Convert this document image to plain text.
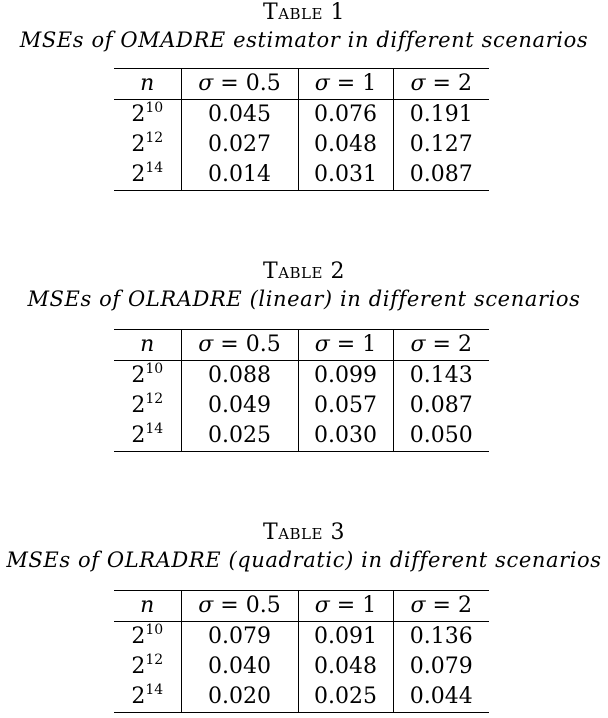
Table 1
MSEs of OMADRE estimator in different scenarios
n	σ = 0.5	σ = 1	σ = 2
$2^{10}$	0.045	0.076	0.191
$2^{12}$	0.027	0.048	0.127
$2^{14}$	0.014	0.031	0.087
Table 2
MSEs of OLRADRE (linear) in different scenarios
n	σ = 0.5	σ = 1	σ = 2
$2^{10}$	0.088	0.099	0.143
$2^{12}$	0.049	0.057	0.087
$2^{14}$	0.025	0.030	0.050
Table 3
MSEs of OLRADRE (quadratic) in different scenarios
n	σ = 0.5	σ = 1	σ = 2
$2^{10}$	0.079	0.091	0.136
$2^{12}$	0.040	0.048	0.079
$2^{14}$	0.020	0.025	0.044
